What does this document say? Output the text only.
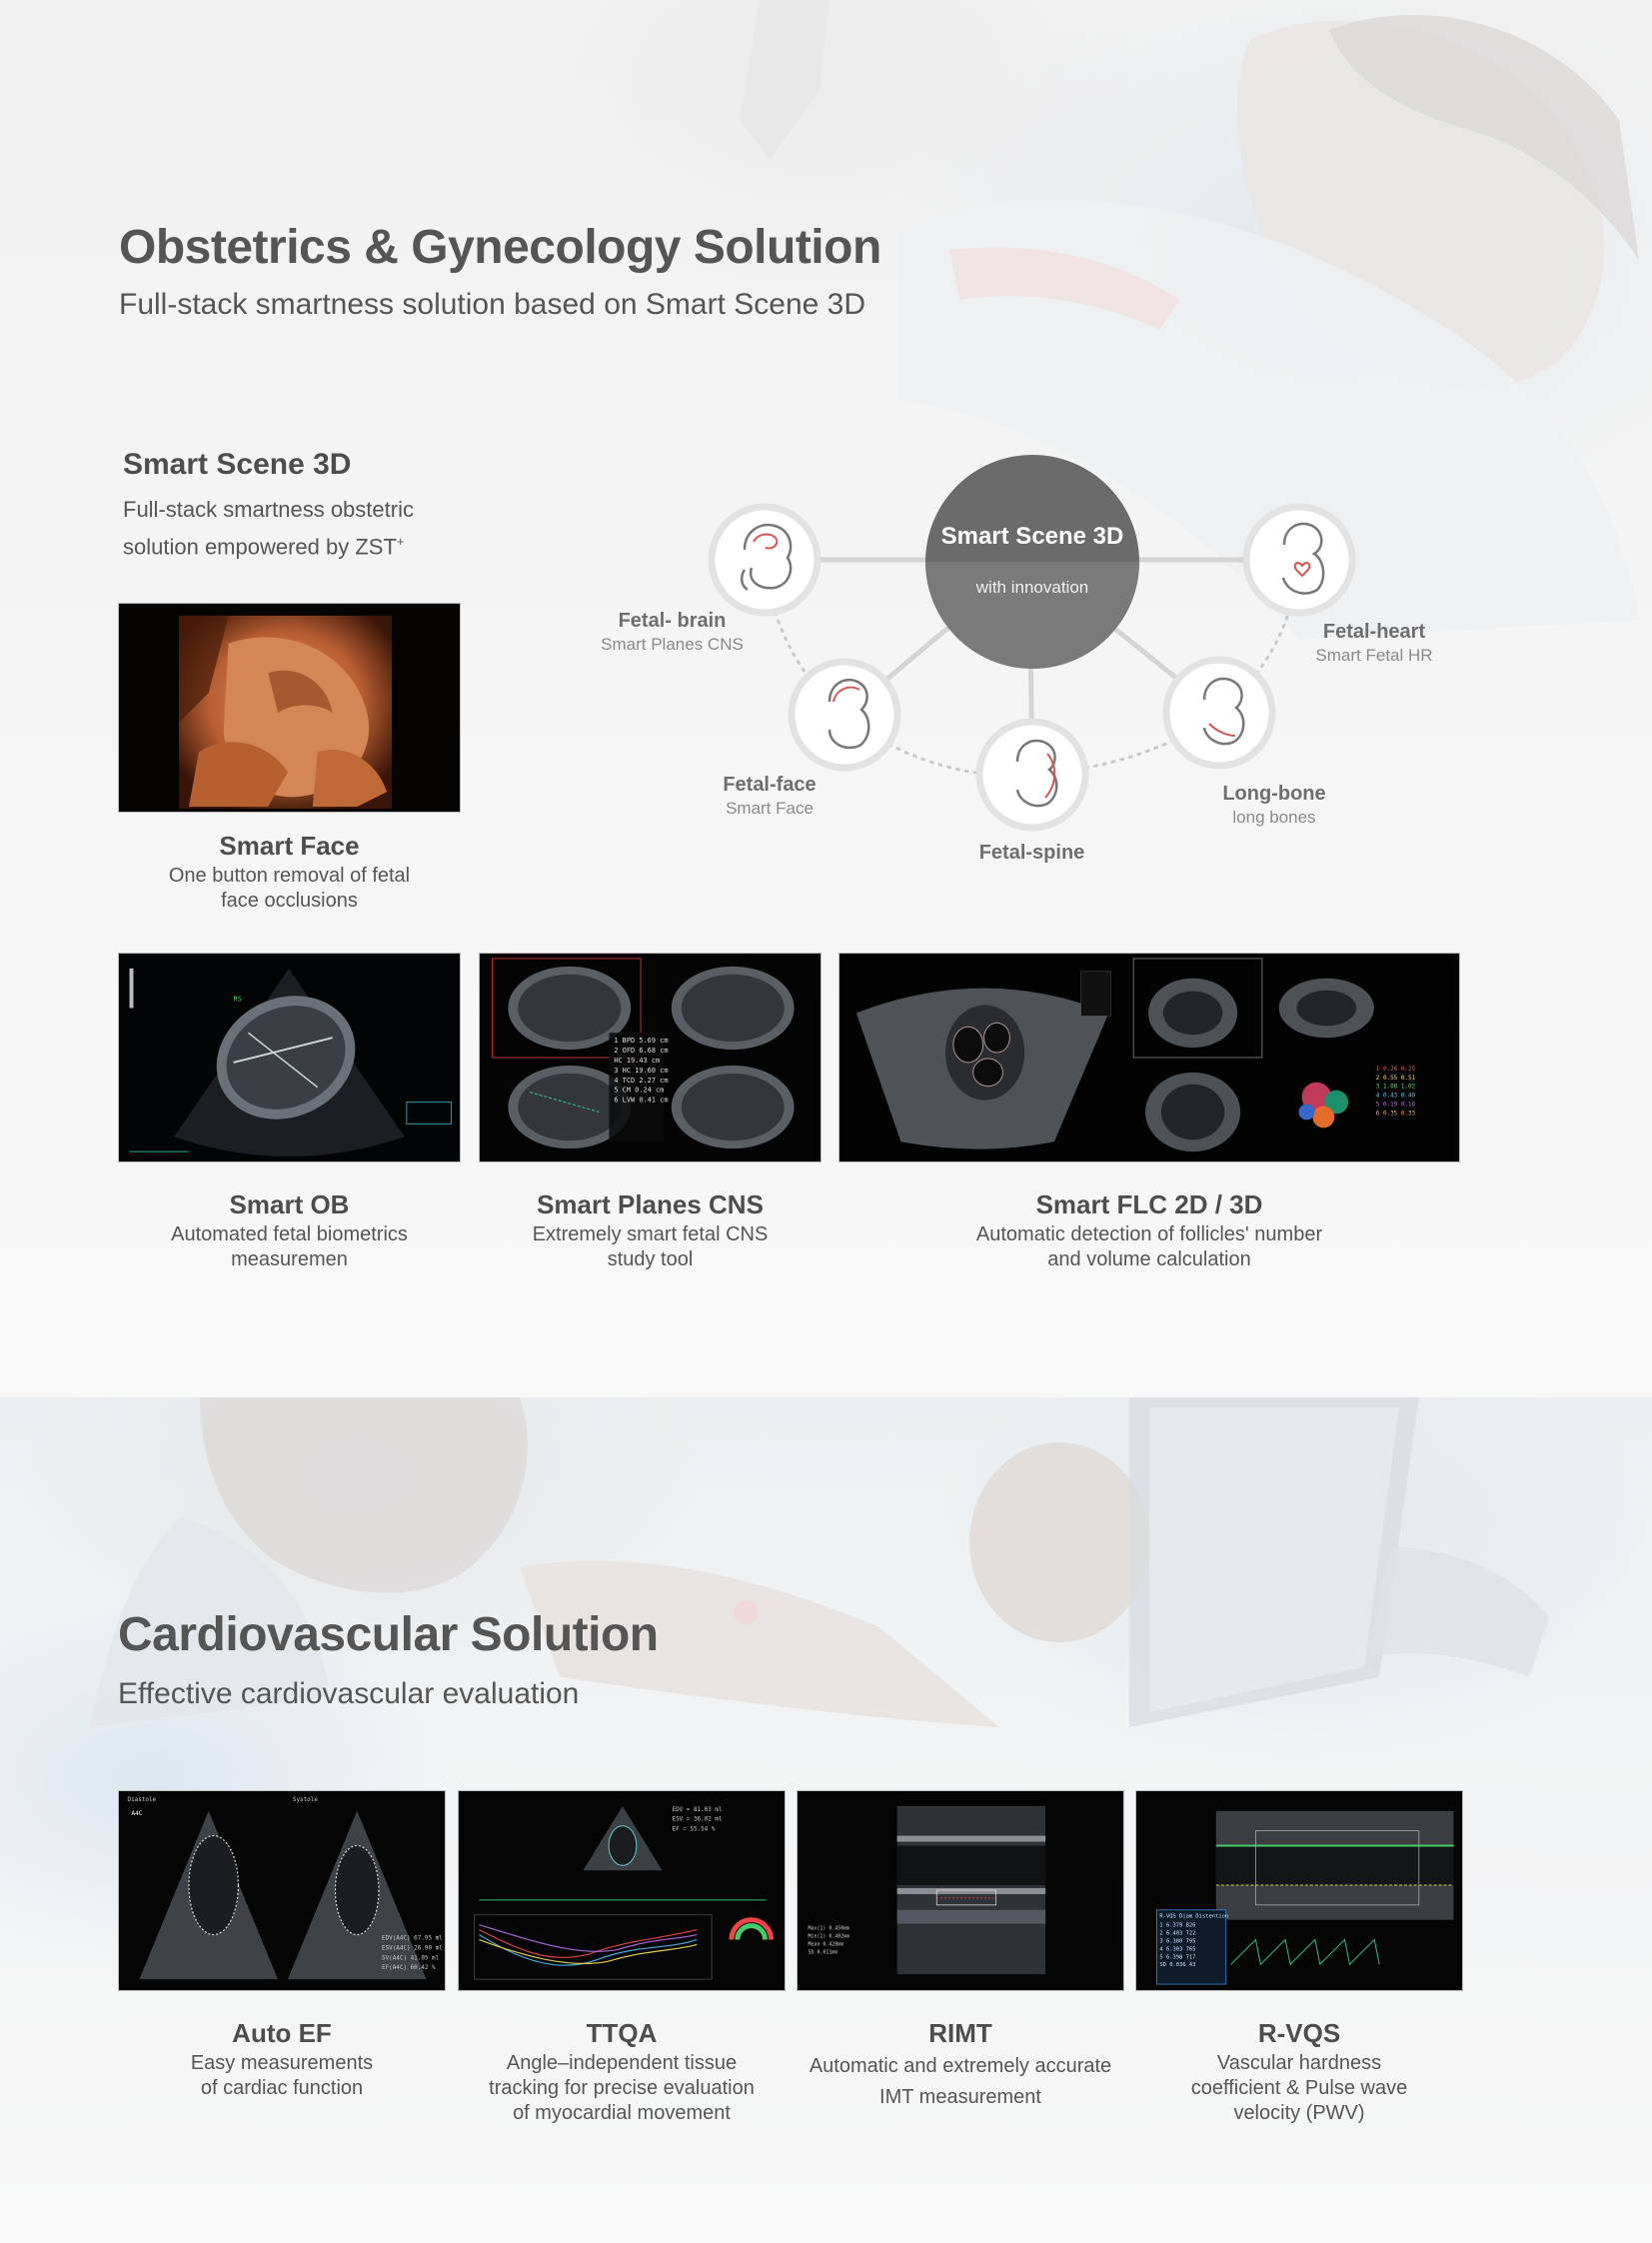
Obstetrics & Gynecology Solution
Full-stack smartness solution based on Smart Scene 3D
Smart Scene 3D
Full-stack smartness obstetric
solution empowered by ZST+
Smart Face
One button removal of fetal
face occlusions
Smart Scene 3D
with innovation
Fetal- brain
Smart Planes CNS
Fetal-heart
Smart Fetal HR
Fetal-face
Smart Face
Fetal-spine
Long-bone
long bones
RS
1 BPD 5.69 cm
2 OFD 6.68 cm
HC 19.43 cm
3 HC 19.60 cm
4 TCD 2.27 cm
5 CM 0.24 cm
6 LVW 0.41 cm
1 0.26 0.25
2 0.55 0.51
3 1.08 1.02
4 0.43 0.40
5 0.19 0.18
6 0.35 0.33
Smart OB
Automated fetal biometrics
measuremen
Smart Planes CNS
Extremely smart fetal CNS
study tool
Smart FLC 2D / 3D
Automatic detection of follicles' number
and volume calculation
Cardiovascular Solution
Effective cardiovascular evaluation
Diastole	Systole
A4C
EDV(A4C) 67.95 ml
ESV(A4C) 26.90 ml
SV(A4C) 41.05 ml
EF(A4C) 60.42 %
EDV = 81.03 ml
ESV = 36.02 ml
EF = 55.54 %
Max(1) 0.450mm
Min(1) 0.402mm
Mean 0.428mm
SD 0.011mm
R-VQS Diam Distention
1 6.379 826
2 6.403 722
3 6.380 795
4 6.303 765
5 6.398 717
SD 0.036 43
Auto EF
Easy measurements
of cardiac function
TTQA
Angle–independent tissue
tracking for precise evaluation
of myocardial movement
RIMT
Automatic and extremely accurate
IMT measurement
R-VQS
Vascular hardness
coefficient & Pulse wave
velocity (PWV)
